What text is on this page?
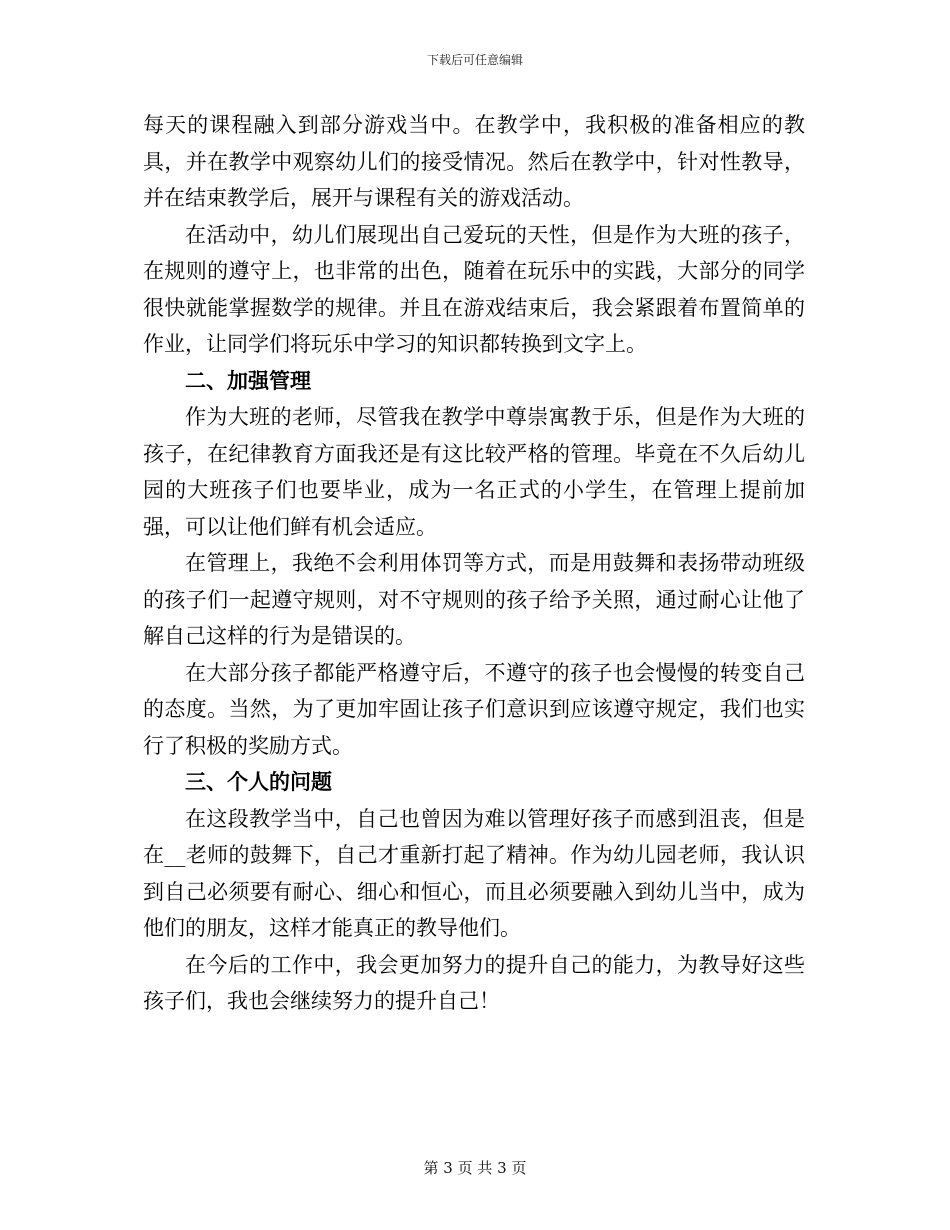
下载后可任意编辑

每天的课程融入到部分游戏当中。在教学中，我积极的准备相应的教具，并在教学中观察幼儿们的接受情况。然后在教学中，针对性教导，并在结束教学后，展开与课程有关的游戏活动。

在活动中，幼儿们展现出自己爱玩的天性，但是作为大班的孩子，在规则的遵守上，也非常的出色，随着在玩乐中的实践，大部分的同学很快就能掌握数学的规律。并且在游戏结束后，我会紧跟着布置简单的作业，让同学们将玩乐中学习的知识都转换到文字上。

二、加强管理

作为大班的老师，尽管我在教学中尊崇寓教于乐，但是作为大班的孩子，在纪律教育方面我还是有这比较严格的管理。毕竟在不久后幼儿园的大班孩子们也要毕业，成为一名正式的小学生，在管理上提前加强，可以让他们鲜有机会适应。

在管理上，我绝不会利用体罚等方式，而是用鼓舞和表扬带动班级的孩子们一起遵守规则，对不守规则的孩子给予关照，通过耐心让他了解自己这样的行为是错误的。

在大部分孩子都能严格遵守后，不遵守的孩子也会慢慢的转变自己的态度。当然，为了更加牢固让孩子们意识到应该遵守规定，我们也实行了积极的奖励方式。

三、个人的问题

在这段教学当中，自己也曾因为难以管理好孩子而感到沮丧，但是在__老师的鼓舞下，自己才重新打起了精神。作为幼儿园老师，我认识到自己必须要有耐心、细心和恒心，而且必须要融入到幼儿当中，成为他们的朋友，这样才能真正的教导他们。

在今后的工作中，我会更加努力的提升自己的能力，为教导好这些孩子们，我也会继续努力的提升自己！

第 3 页 共 3 页
